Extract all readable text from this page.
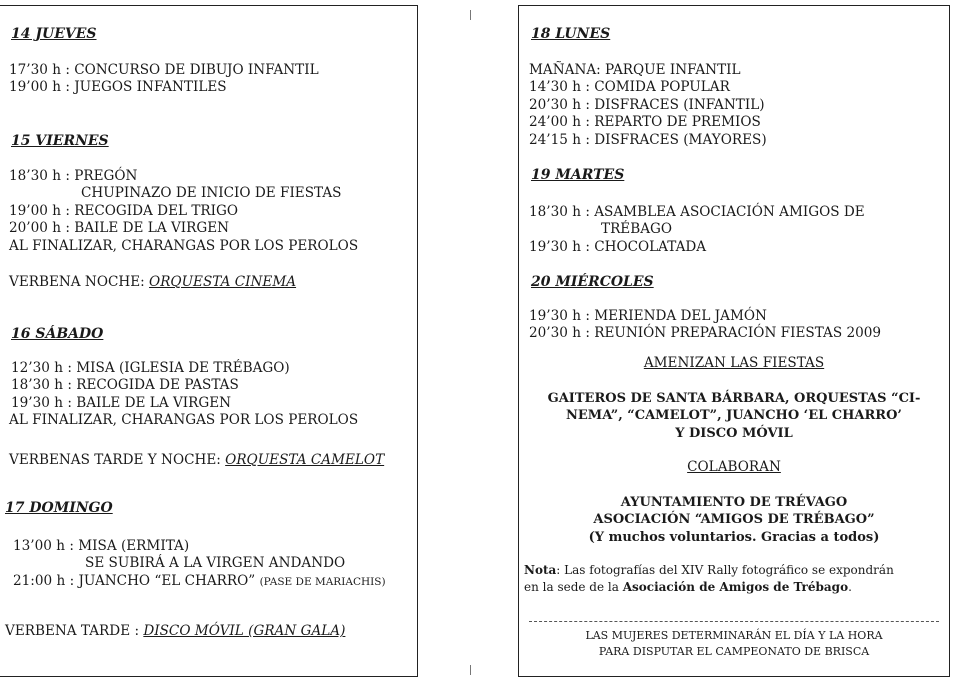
14 JUEVES
17’30 h : CONCURSO DE DIBUJO INFANTIL
19’00 h : JUEGOS INFANTILES
15 VIERNES
18’30 h : PREGÓN
CHUPINAZO DE INICIO DE FIESTAS
19’00 h : RECOGIDA DEL TRIGO
20’00 h : BAILE DE LA VIRGEN
AL FINALIZAR, CHARANGAS POR LOS PEROLOS
VERBENA NOCHE: ORQUESTA CINEMA
16 SÁBADO
12’30 h : MISA (IGLESIA DE TRÉBAGO)
18’30 h : RECOGIDA DE PASTAS
19’30 h : BAILE DE LA VIRGEN
AL FINALIZAR, CHARANGAS POR LOS PEROLOS
VERBENAS TARDE Y NOCHE: ORQUESTA CAMELOT
17 DOMINGO
13’00 h : MISA (ERMITA)
SE SUBIRÁ A LA VIRGEN ANDANDO
21:00 h : JUANCHO “EL CHARRO” (PASE DE MARIACHIS)
VERBENA TARDE : DISCO MÓVIL (GRAN GALA)
18 LUNES
MAÑANA: PARQUE INFANTIL
14’30 h : COMIDA POPULAR
20’30 h : DISFRACES (INFANTIL)
24’00 h : REPARTO DE PREMIOS
24’15 h : DISFRACES (MAYORES)
19 MARTES
18’30 h : ASAMBLEA ASOCIACIÓN AMIGOS DE
TRÉBAGO
19’30 h : CHOCOLATADA
20 MIÉRCOLES
19’30 h : MERIENDA DEL JAMÓN
20’30 h : REUNIÓN PREPARACIÓN FIESTAS 2009
AMENIZAN LAS FIESTAS
GAITEROS DE SANTA BÁRBARA, ORQUESTAS “CI-
NEMA”, “CAMELOT”, JUANCHO ‘EL CHARRO’
Y DISCO MÓVIL
COLABORAN
AYUNTAMIENTO DE TRÉVAGO
ASOCIACIÓN “AMIGOS DE TRÉBAGO”
(Y muchos voluntarios. Gracias a todos)
Nota: Las fotografías del XIV Rally fotográfico se expondrán
en la sede de la Asociación de Amigos de Trébago.
LAS MUJERES DETERMINARÁN EL DÍA Y LA HORA
PARA DISPUTAR EL CAMPEONATO DE BRISCA
